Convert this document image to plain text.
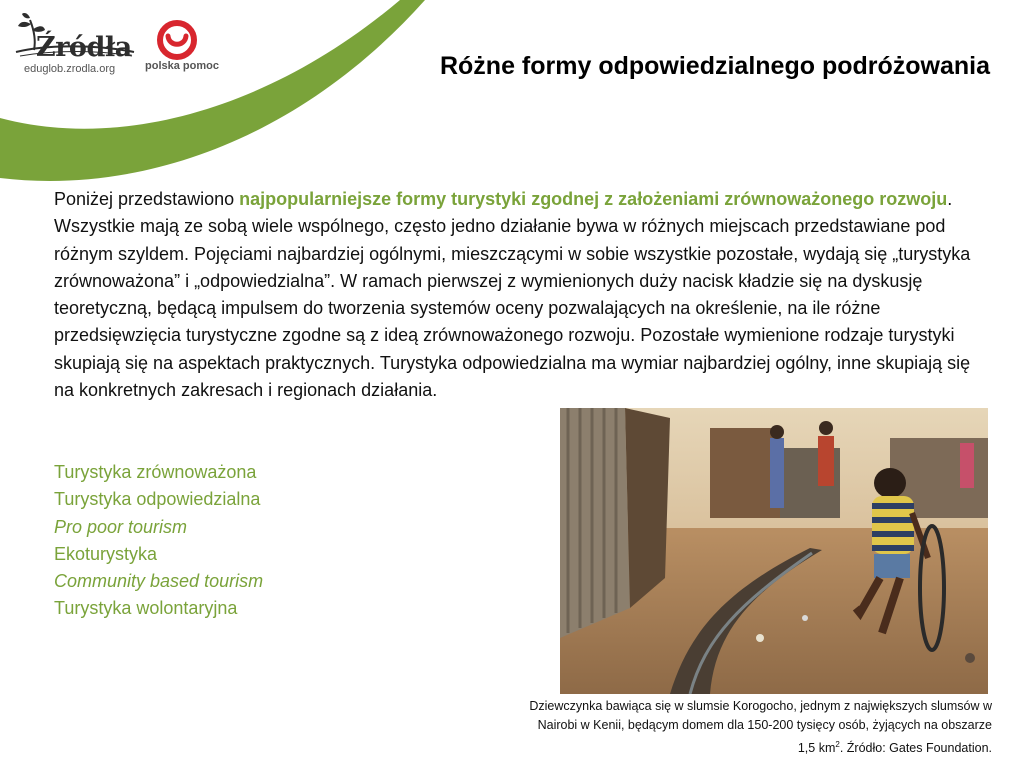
Źródła
eduglob.zrodla.org	polska pomoc	Różne formy odpowiedzialnego podróżowania

Poniżej przedstawiono najpopularniejsze formy turystyki zgodnej z założeniami zrównoważonego rozwoju. Wszystkie mają ze sobą wiele wspólnego, często jedno działanie bywa w różnych miejscach przedstawiane pod różnym szyldem. Pojęciami najbardziej ogólnymi, mieszczącymi w sobie wszystkie pozostałe, wydają się „turystyka zrównoważona” i „odpowiedzialna”. W ramach pierwszej z wymienionych duży nacisk kładzie się na dyskusję teoretyczną, będącą impulsem do tworzenia systemów oceny pozwalających na określenie, na ile różne przedsięwzięcia turystyczne zgodne są z ideą zrównoważonego rozwoju. Pozostałe wymienione rodzaje turystyki skupiają się na aspektach praktycznych. Turystyka odpowiedzialna ma wymiar najbardziej ogólny, inne skupiają się na konkretnych zakresach i regionach działania.

Turystyka zrównoważona
Turystyka odpowiedzialna
Pro poor tourism
Ekoturystyka
Community based tourism
Turystyka wolontaryjna
Dziewczynka bawiąca się w slumsie Korogocho, jednym z największych slumsów w Nairobi w Kenii, będącym domem dla 150-200 tysięcy osób, żyjących na obszarze 1,5 $km^2$. Źródło: Gates Foundation.
